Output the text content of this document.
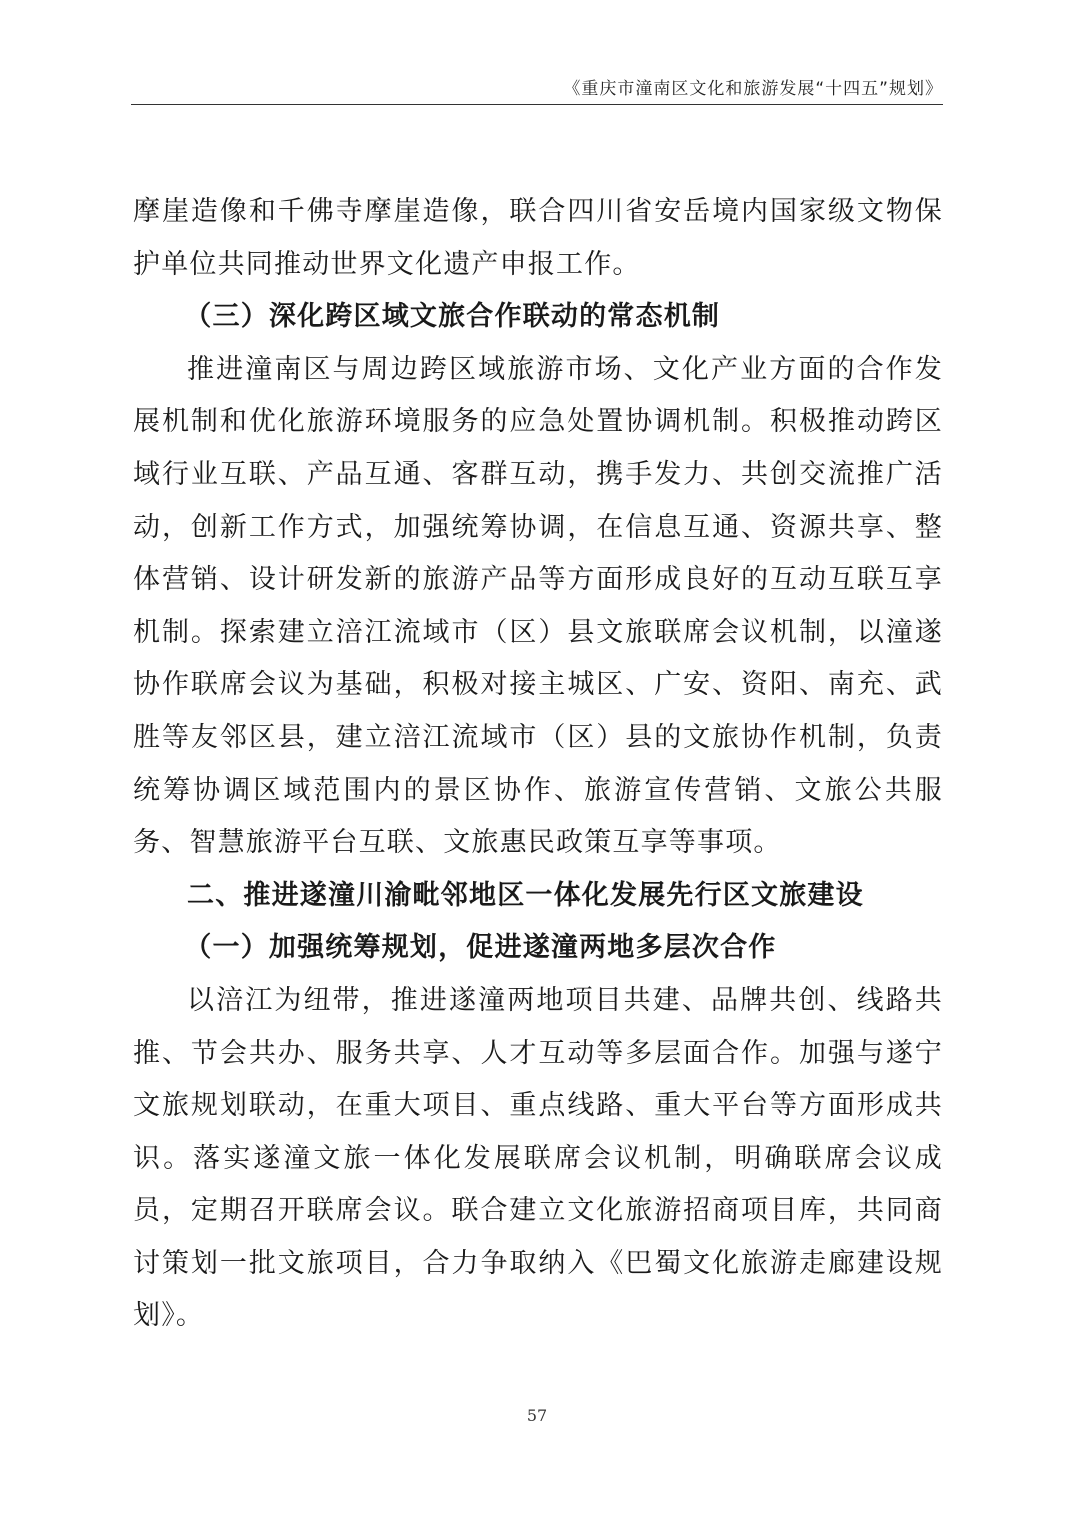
《重庆市潼南区文化和旅游发展“十四五”规划》

摩崖造像和千佛寺摩崖造像，联合四川省安岳境内国家级文物保护单位共同推动世界文化遗产申报工作。

（三）深化跨区域文旅合作联动的常态机制

推进潼南区与周边跨区域旅游市场、文化产业方面的合作发展机制和优化旅游环境服务的应急处置协调机制。积极推动跨区域行业互联、产品互通、客群互动，携手发力、共创交流推广活动，创新工作方式，加强统筹协调，在信息互通、资源共享、整体营销、设计研发新的旅游产品等方面形成良好的互动互联互享机制。探索建立涪江流域市（区）县文旅联席会议机制，以潼遂协作联席会议为基础，积极对接主城区、广安、资阳、南充、武胜等友邻区县，建立涪江流域市（区）县的文旅协作机制，负责统筹协调区域范围内的景区协作、旅游宣传营销、文旅公共服务、智慧旅游平台互联、文旅惠民政策互享等事项。

二、推进遂潼川渝毗邻地区一体化发展先行区文旅建设
（一）加强统筹规划，促进遂潼两地多层次合作

以涪江为纽带，推进遂潼两地项目共建、品牌共创、线路共推、节会共办、服务共享、人才互动等多层面合作。加强与遂宁文旅规划联动，在重大项目、重点线路、重大平台等方面形成共识。落实遂潼文旅一体化发展联席会议机制，明确联席会议成员，定期召开联席会议。联合建立文化旅游招商项目库，共同商讨策划一批文旅项目，合力争取纳入《巴蜀文化旅游走廊建设规划》。

57
